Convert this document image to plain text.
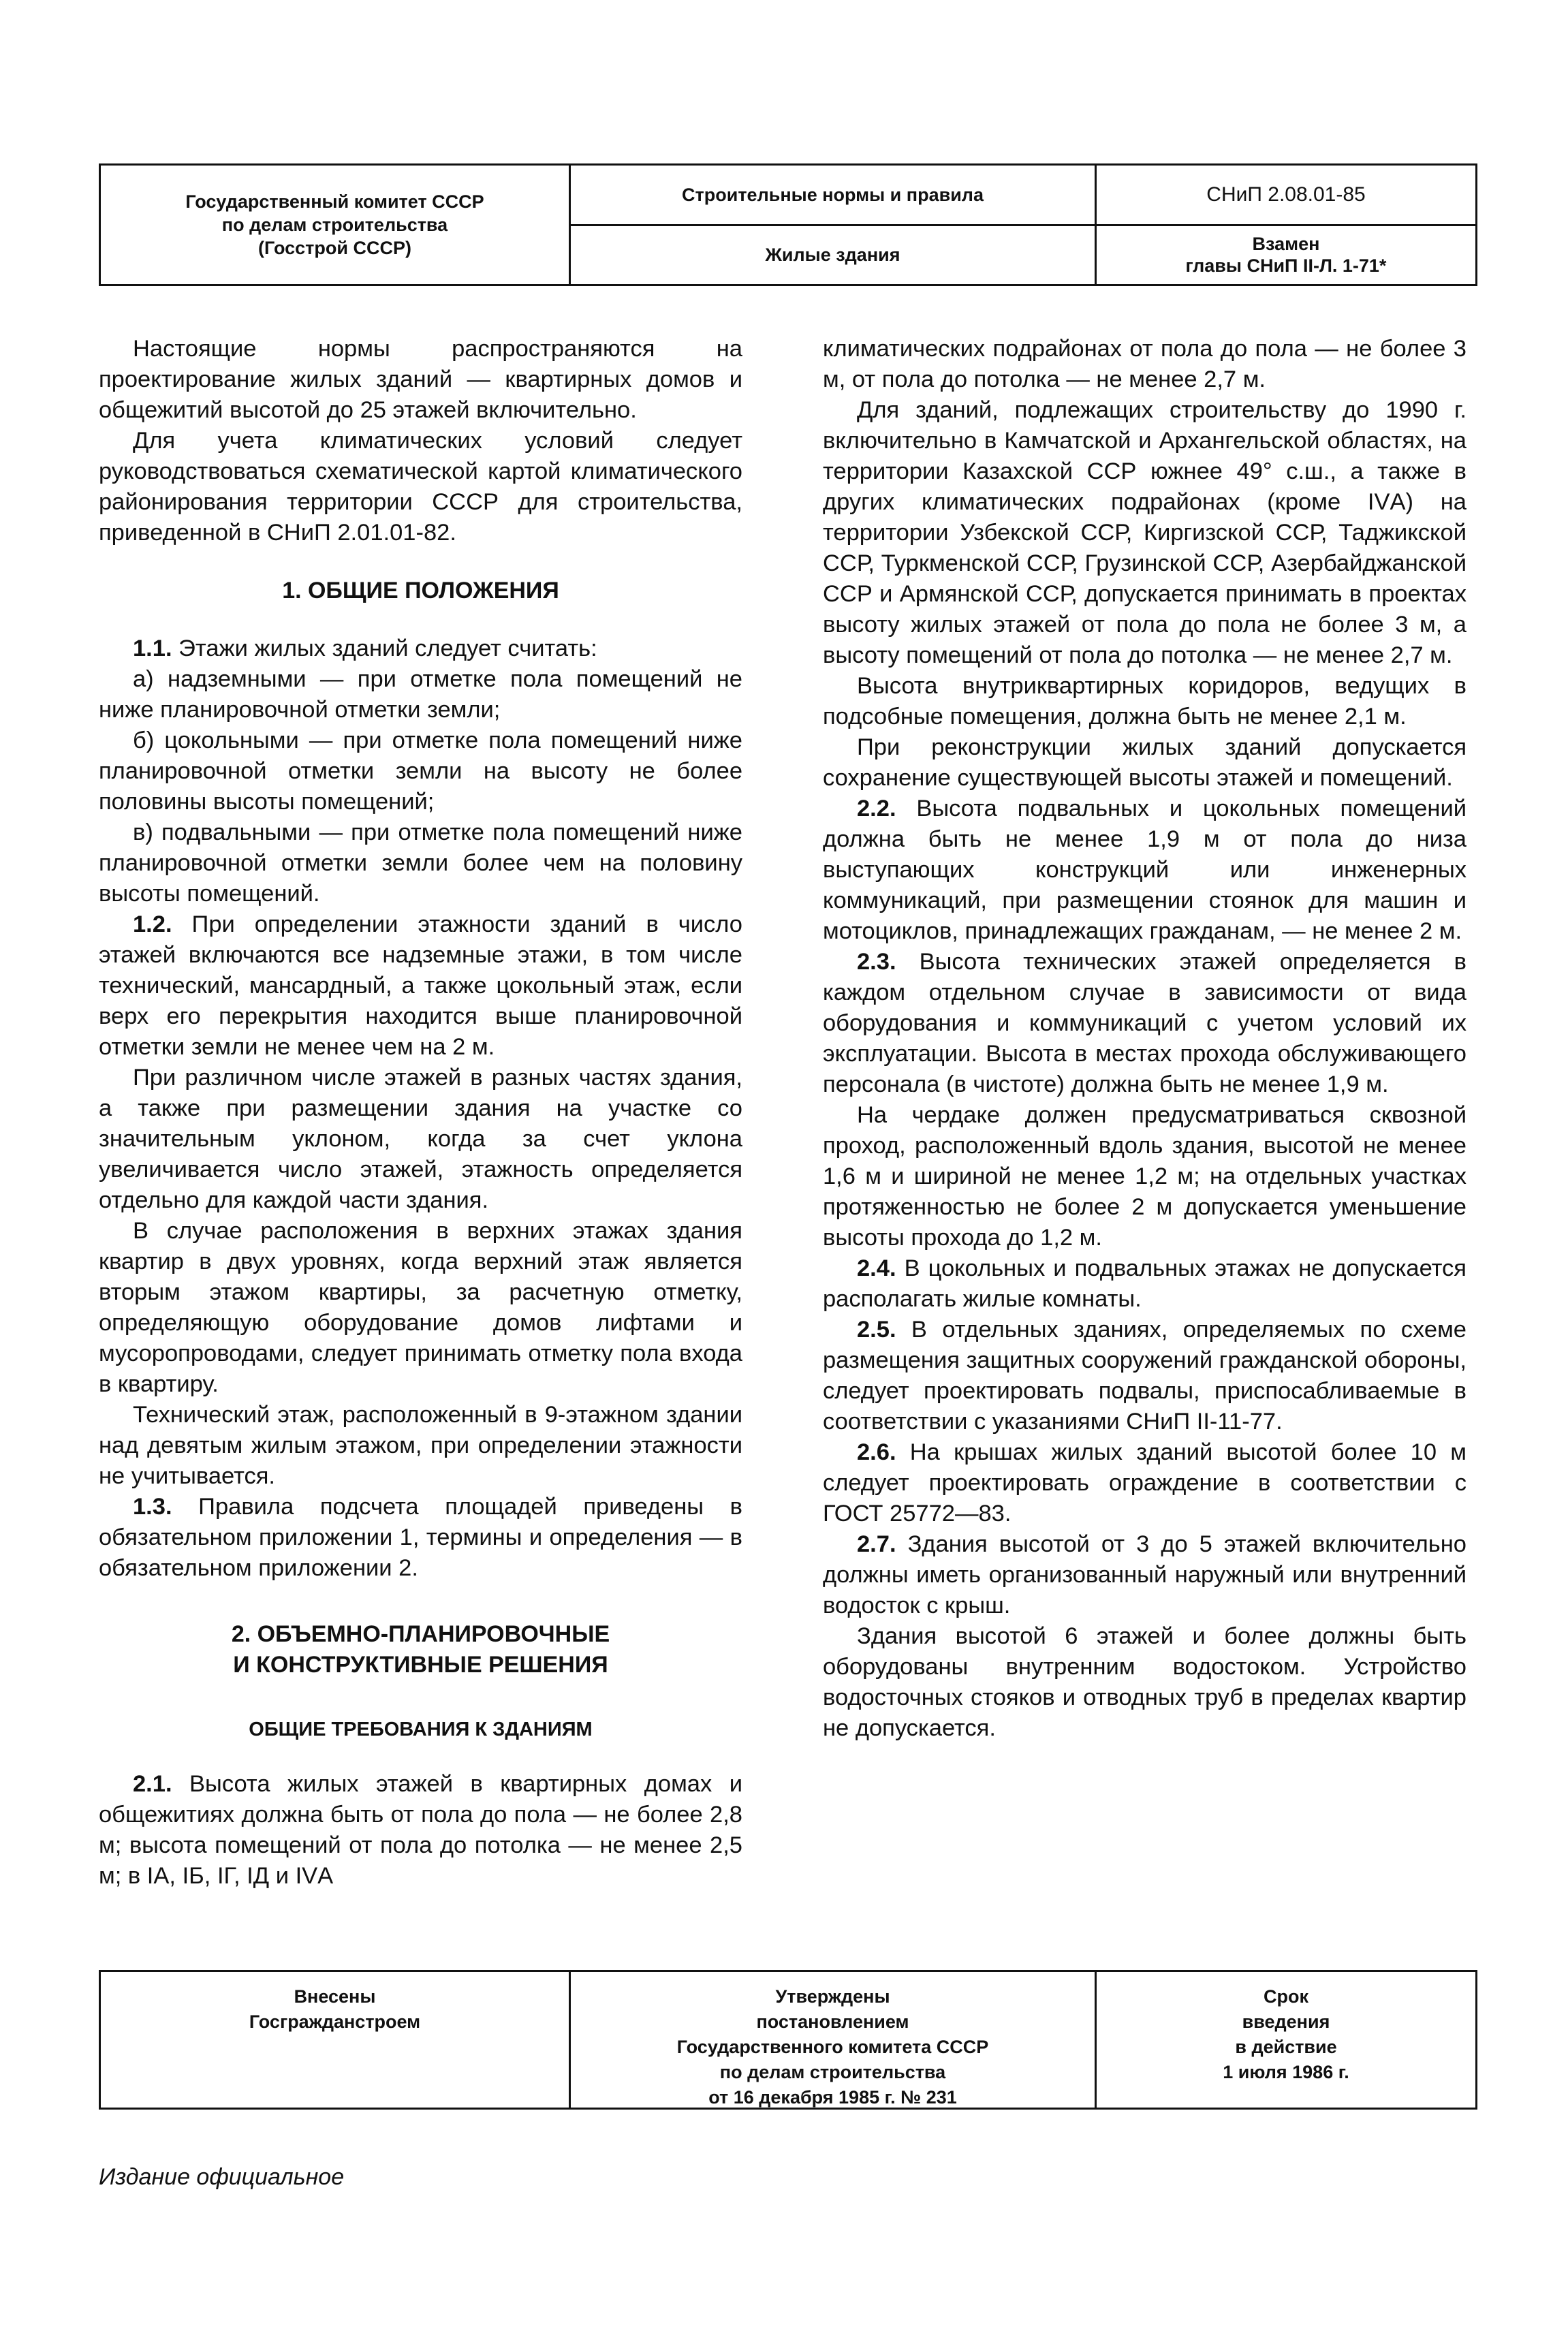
Государственный комитет СССР
по делам строительства
(Госстрой СССР)
Строительные нормы и правила
Жилые здания
СНиП 2.08.01-85
Взамен
главы СНиП II-Л. 1-71*

Настоящие нормы распространяются на проектирование жилых зданий — квартирных домов и общежитий высотой до 25 этажей включительно.

Для учета климатических условий следует руководствоваться схематической картой климатического районирования территории СССР для строительства, приведенной в СНиП 2.01.01-82.

1. ОБЩИЕ ПОЛОЖЕНИЯ

1.1. Этажи жилых зданий следует считать:

а) надземными — при отметке пола помещений не ниже планировочной отметки земли;

б) цокольными — при отметке пола помещений ниже планировочной отметки земли на высоту не более половины высоты помещений;

в) подвальными — при отметке пола помещений ниже планировочной отметки земли более чем на половину высоты помещений.

1.2. При определении этажности зданий в число этажей включаются все надземные этажи, в том числе технический, мансардный, а также цокольный этаж, если верх его перекрытия находится выше планировочной отметки земли не менее чем на 2 м.

При различном числе этажей в разных частях здания, а также при размещении здания на участке со значительным уклоном, когда за счет уклона увеличивается число этажей, этажность определяется отдельно для каждой части здания.

В случае расположения в верхних этажах здания квартир в двух уровнях, когда верхний этаж является вторым этажом квартиры, за расчетную отметку, определяющую оборудование домов лифтами и мусоропроводами, следует принимать отметку пола входа в квартиру.

Технический этаж, расположенный в 9-этажном здании над девятым жилым этажом, при определении этажности не учитывается.

1.3. Правила подсчета площадей приведены в обязательном приложении 1, термины и определения — в обязательном приложении 2.

2. ОБЪЕМНО-ПЛАНИРОВОЧНЫЕ
И КОНСТРУКТИВНЫЕ РЕШЕНИЯ
ОБЩИЕ ТРЕБОВАНИЯ К ЗДАНИЯМ

2.1. Высота жилых этажей в квартирных домах и общежитиях должна быть от пола до пола — не более 2,8 м; высота помещений от пола до потолка — не менее 2,5 м; в IА, IБ, IГ, IД и IVА

климатических подрайонах от пола до пола — не более 3 м, от пола до потолка — не менее 2,7 м.

Для зданий, подлежащих строительству до 1990 г. включительно в Камчатской и Архангельской областях, на территории Казахской ССР южнее 49° с.ш., а также в других климатических подрайонах (кроме IVА) на территории Узбекской ССР, Киргизской ССР, Таджикской ССР, Туркменской ССР, Грузинской ССР, Азербайджанской ССР и Армянской ССР, допускается принимать в проектах высоту жилых этажей от пола до пола не более 3 м, а высоту помещений от пола до потолка — не менее 2,7 м.

Высота внутриквартирных коридоров, ведущих в подсобные помещения, должна быть не менее 2,1 м.

При реконструкции жилых зданий допускается сохранение существующей высоты этажей и помещений.

2.2. Высота подвальных и цокольных помещений должна быть не менее 1,9 м от пола до низа выступающих конструкций или инженерных коммуникаций, при размещении стоянок для машин и мотоциклов, принадлежащих гражданам, — не менее 2 м.

2.3. Высота технических этажей определяется в каждом отдельном случае в зависимости от вида оборудования и коммуникаций с учетом условий их эксплуатации. Высота в местах прохода обслуживающего персонала (в чистоте) должна быть не менее 1,9 м.

На чердаке должен предусматриваться сквозной проход, расположенный вдоль здания, высотой не менее 1,6 м и шириной не менее 1,2 м; на отдельных участках протяженностью не более 2 м допускается уменьшение высоты прохода до 1,2 м.

2.4. В цокольных и подвальных этажах не допускается располагать жилые комнаты.

2.5. В отдельных зданиях, определяемых по схеме размещения защитных сооружений гражданской обороны, следует проектировать подвалы, приспосабливаемые в соответствии с указаниями СНиП II-11-77.

2.6. На крышах жилых зданий высотой более 10 м следует проектировать ограждение в соответствии с ГОСТ 25772—83.

2.7. Здания высотой от 3 до 5 этажей включительно должны иметь организованный наружный или внутренний водосток с крыш.

Здания высотой 6 этажей и более должны быть оборудованы внутренним водостоком. Устройство водосточных стояков и отводных труб в пределах квартир не допускается.

Внесены
Госгражданстроем
Утверждены
постановлением
Государственного комитета СССР
по делам строительства
от 16 декабря 1985 г. № 231
Срок
введения
в действие
1 июля 1986 г.
Издание официальное
